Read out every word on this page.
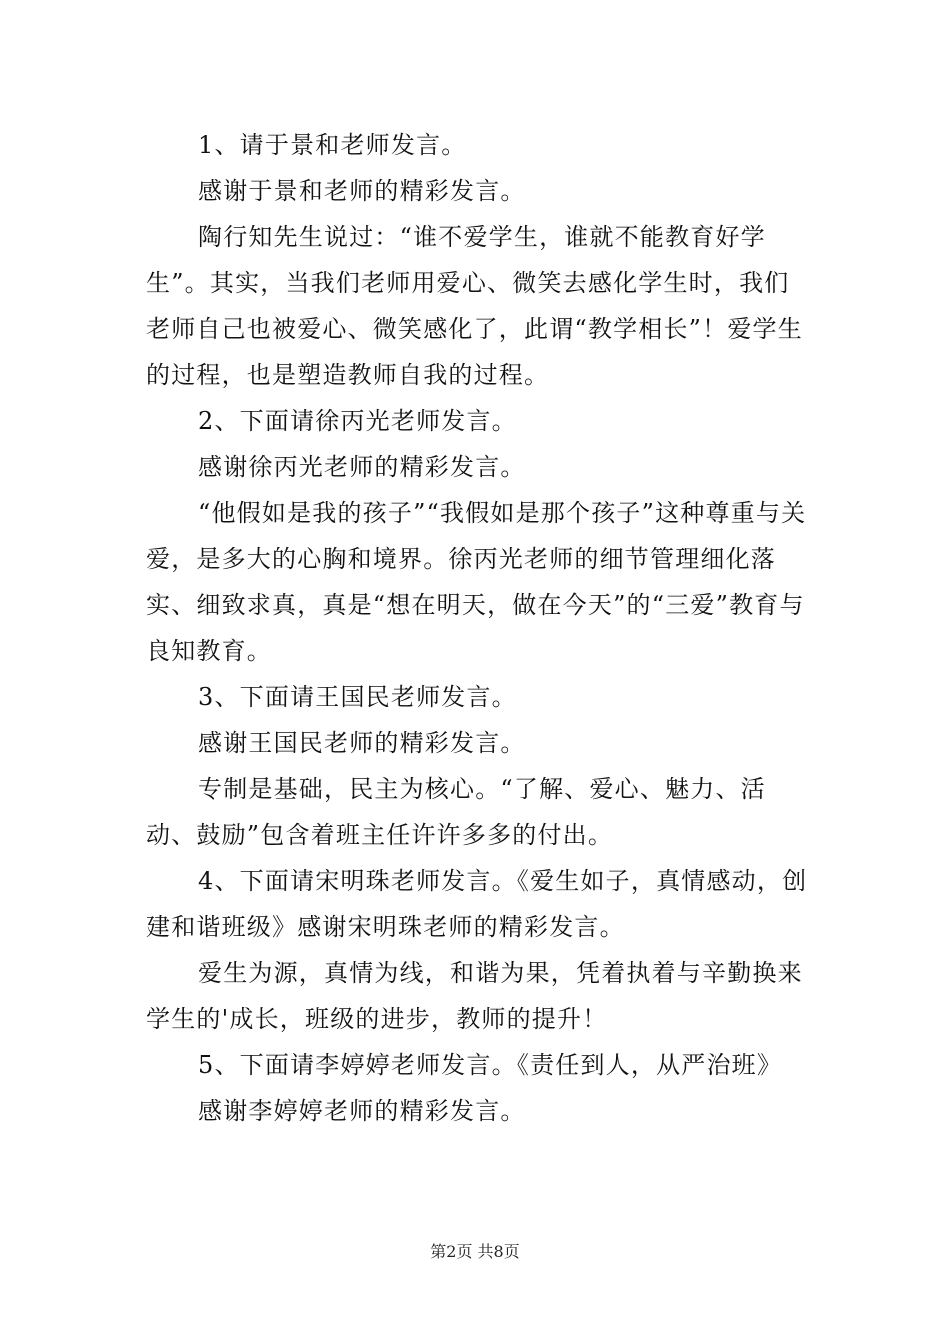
1、请于景和老师发言。

感谢于景和老师的精彩发言。

陶行知先生说过：“谁不爱学生，谁就不能教育好学生”。其实，当我们老师用爱心、微笑去感化学生时，我们老师自己也被爱心、微笑感化了，此谓“教学相长”！爱学生的过程，也是塑造教师自我的过程。

2、下面请徐丙光老师发言。

感谢徐丙光老师的精彩发言。

“他假如是我的孩子”“我假如是那个孩子”这种尊重与关爱，是多大的心胸和境界。徐丙光老师的细节管理细化落实、细致求真，真是“想在明天，做在今天”的“三爱”教育与良知教育。

3、下面请王国民老师发言。

感谢王国民老师的精彩发言。

专制是基础，民主为核心。“了解、爱心、魅力、活动、鼓励”包含着班主任许许多多的付出。

4、下面请宋明珠老师发言。《爱生如子，真情感动，创建和谐班级》感谢宋明珠老师的精彩发言。

爱生为源，真情为线，和谐为果，凭着执着与辛勤换来学生的'成长，班级的进步，教师的提升！

5、下面请李婷婷老师发言。《责任到人，从严治班》

感谢李婷婷老师的精彩发言。

第2页 共8页
